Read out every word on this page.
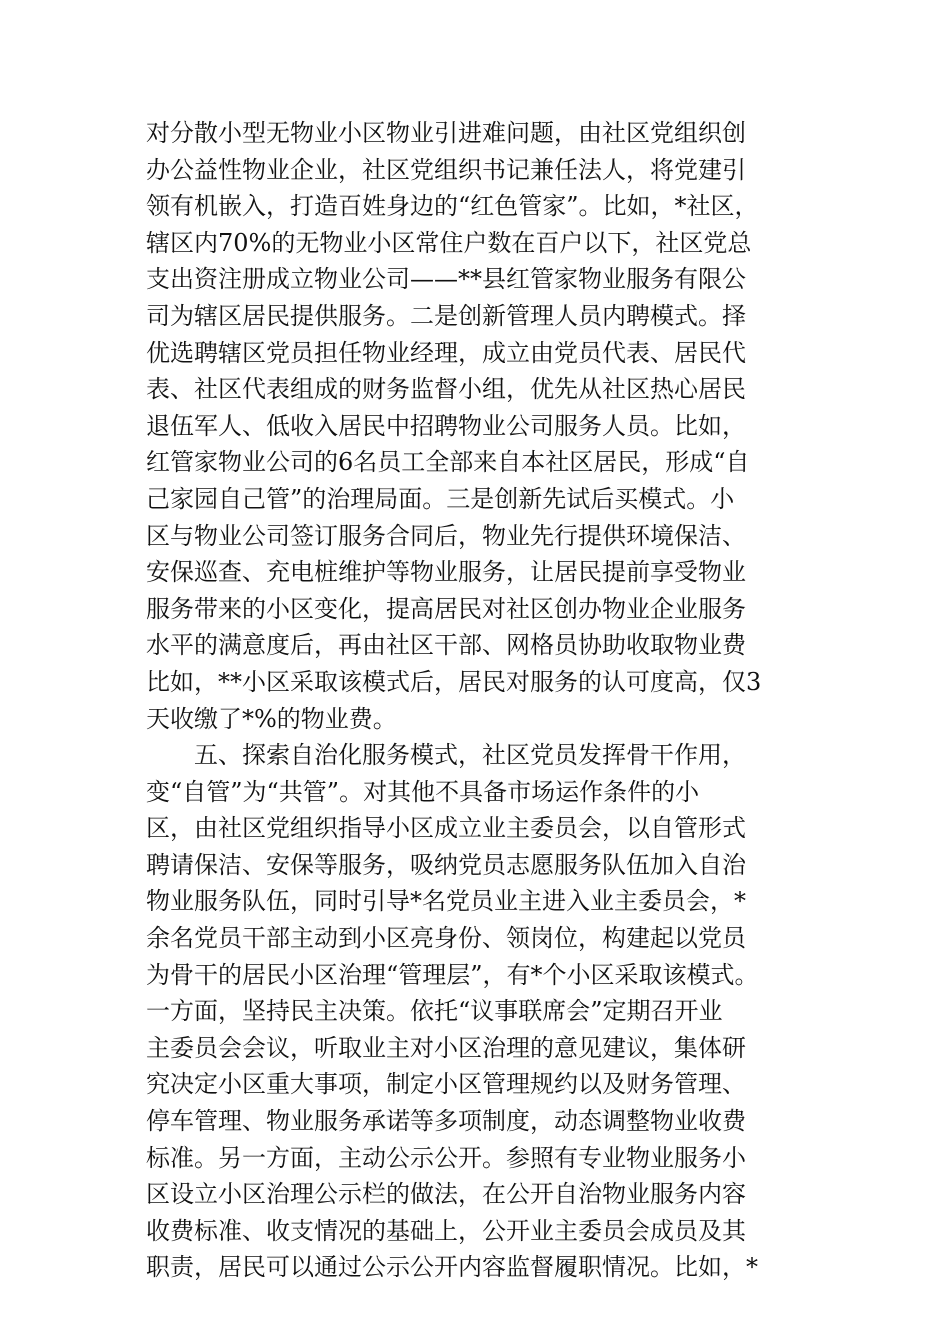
对分散小型无物业小区物业引进难问题，由社区党组织创
办公益性物业企业，社区党组织书记兼任法人，将党建引
领有机嵌入，打造百姓身边的“红色管家”。比如，*社区，
辖区内70%的无物业小区常住户数在百户以下，社区党总
支出资注册成立物业公司——**县红管家物业服务有限公
司为辖区居民提供服务。二是创新管理人员内聘模式。择
优选聘辖区党员担任物业经理，成立由党员代表、居民代
表、社区代表组成的财务监督小组，优先从社区热心居民
退伍军人、低收入居民中招聘物业公司服务人员。比如，
红管家物业公司的6名员工全部来自本社区居民，形成“自
己家园自己管”的治理局面。三是创新先试后买模式。小
区与物业公司签订服务合同后，物业先行提供环境保洁、
安保巡查、充电桩维护等物业服务，让居民提前享受物业
服务带来的小区变化，提高居民对社区创办物业企业服务
水平的满意度后，再由社区干部、网格员协助收取物业费
比如，**小区采取该模式后，居民对服务的认可度高，仅3
天收缴了*%的物业费。
五、探索自治化服务模式，社区党员发挥骨干作用，
变“自管”为“共管”。对其他不具备市场运作条件的小
区，由社区党组织指导小区成立业主委员会，以自管形式
聘请保洁、安保等服务，吸纳党员志愿服务队伍加入自治
物业服务队伍，同时引导*名党员业主进入业主委员会，*
余名党员干部主动到小区亮身份、领岗位，构建起以党员
为骨干的居民小区治理“管理层”，有*个小区采取该模式。
一方面，坚持民主决策。依托“议事联席会”定期召开业
主委员会会议，听取业主对小区治理的意见建议，集体研
究决定小区重大事项，制定小区管理规约以及财务管理、
停车管理、物业服务承诺等多项制度，动态调整物业收费
标准。另一方面，主动公示公开。参照有专业物业服务小
区设立小区治理公示栏的做法，在公开自治物业服务内容
收费标准、收支情况的基础上，公开业主委员会成员及其
职责，居民可以通过公示公开内容监督履职情况。比如，*
